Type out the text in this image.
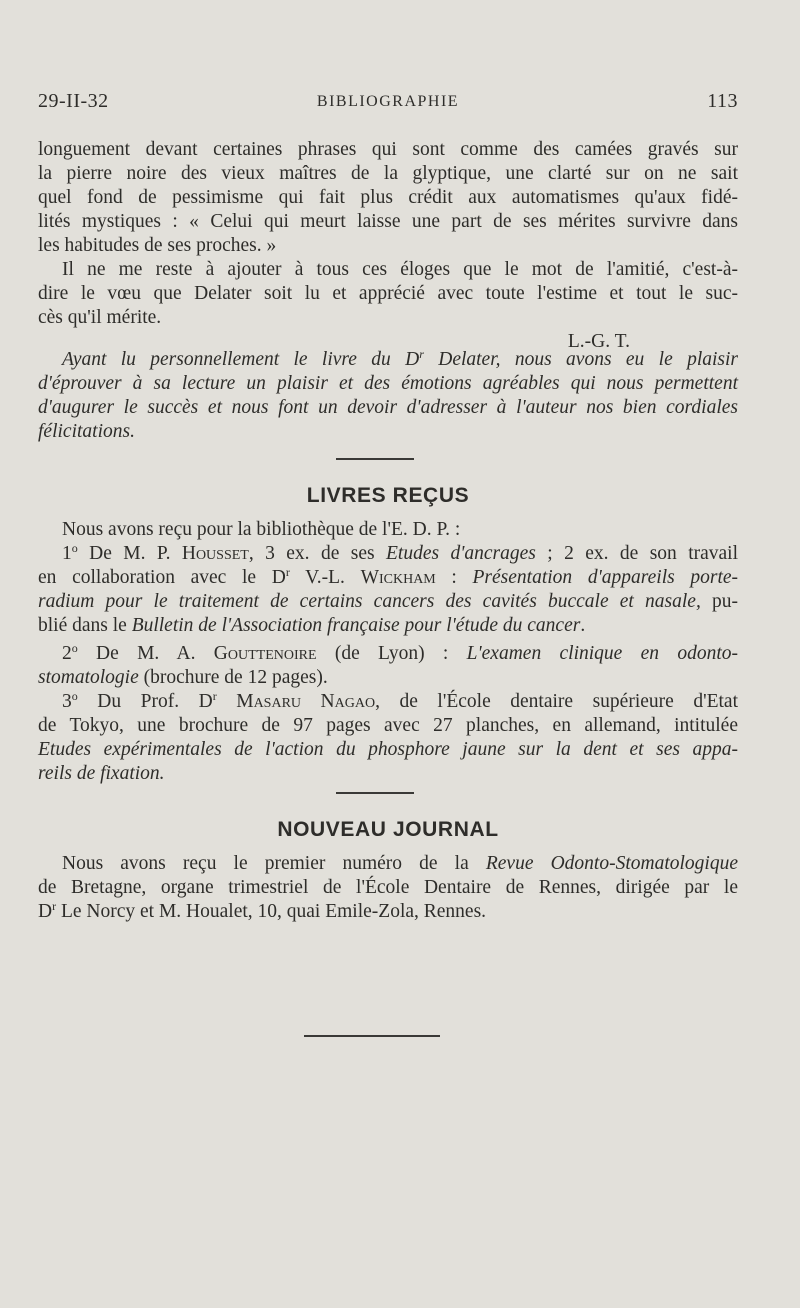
29-II-32	BIBLIOGRAPHIE	113
longuement devant certaines phrases qui sont comme des camées gravés sur
la pierre noire des vieux maîtres de la glyptique, une clarté sur on ne sait
quel fond de pessimisme qui fait plus crédit aux automatismes qu'aux fidé-
lités mystiques : « Celui qui meurt laisse une part de ses mérites survivre dans
les habitudes de ses proches. »
Il ne me reste à ajouter à tous ces éloges que le mot de l'amitié, c'est-à-
dire le vœu que Delater soit lu et apprécié avec toute l'estime et tout le suc-
cès qu'il mérite.
L.-G. T.
Ayant lu personnellement le livre du $D^r$ Delater, nous avons eu le plaisir
d'éprouver à sa lecture un plaisir et des émotions agréables qui nous permettent
d'augurer le succès et nous font un devoir d'adresser à l'auteur nos bien cordiales
félicitations.
LIVRES REÇUS
Nous avons reçu pour la bibliothèque de l'E. D. P. :
1$^o$ De M. P. Housset, 3 ex. de ses Etudes d'ancrages ; 2 ex. de son travail
en collaboration avec le $D^r$ V.-L. Wickham : Présentation d'appareils porte-
radium pour le traitement de certains cancers des cavités buccale et nasale, pu-
blié dans le Bulletin de l'Association française pour l'étude du cancer.
2$^o$ De M. A. Gouttenoire (de Lyon) : L'examen clinique en odonto-
stomatologie (brochure de 12 pages).
3$^o$ Du Prof. $D^r$ Masaru Nagao, de l'École dentaire supérieure d'Etat
de Tokyo, une brochure de 97 pages avec 27 planches, en allemand, intitulée
Etudes expérimentales de l'action du phosphore jaune sur la dent et ses appa-
reils de fixation.
NOUVEAU JOURNAL
Nous avons reçu le premier numéro de la Revue Odonto-Stomatologique
de Bretagne, organe trimestriel de l'École Dentaire de Rennes, dirigée par le
$D^r$ Le Norcy et M. Houalet, 10, quai Emile-Zola, Rennes.
